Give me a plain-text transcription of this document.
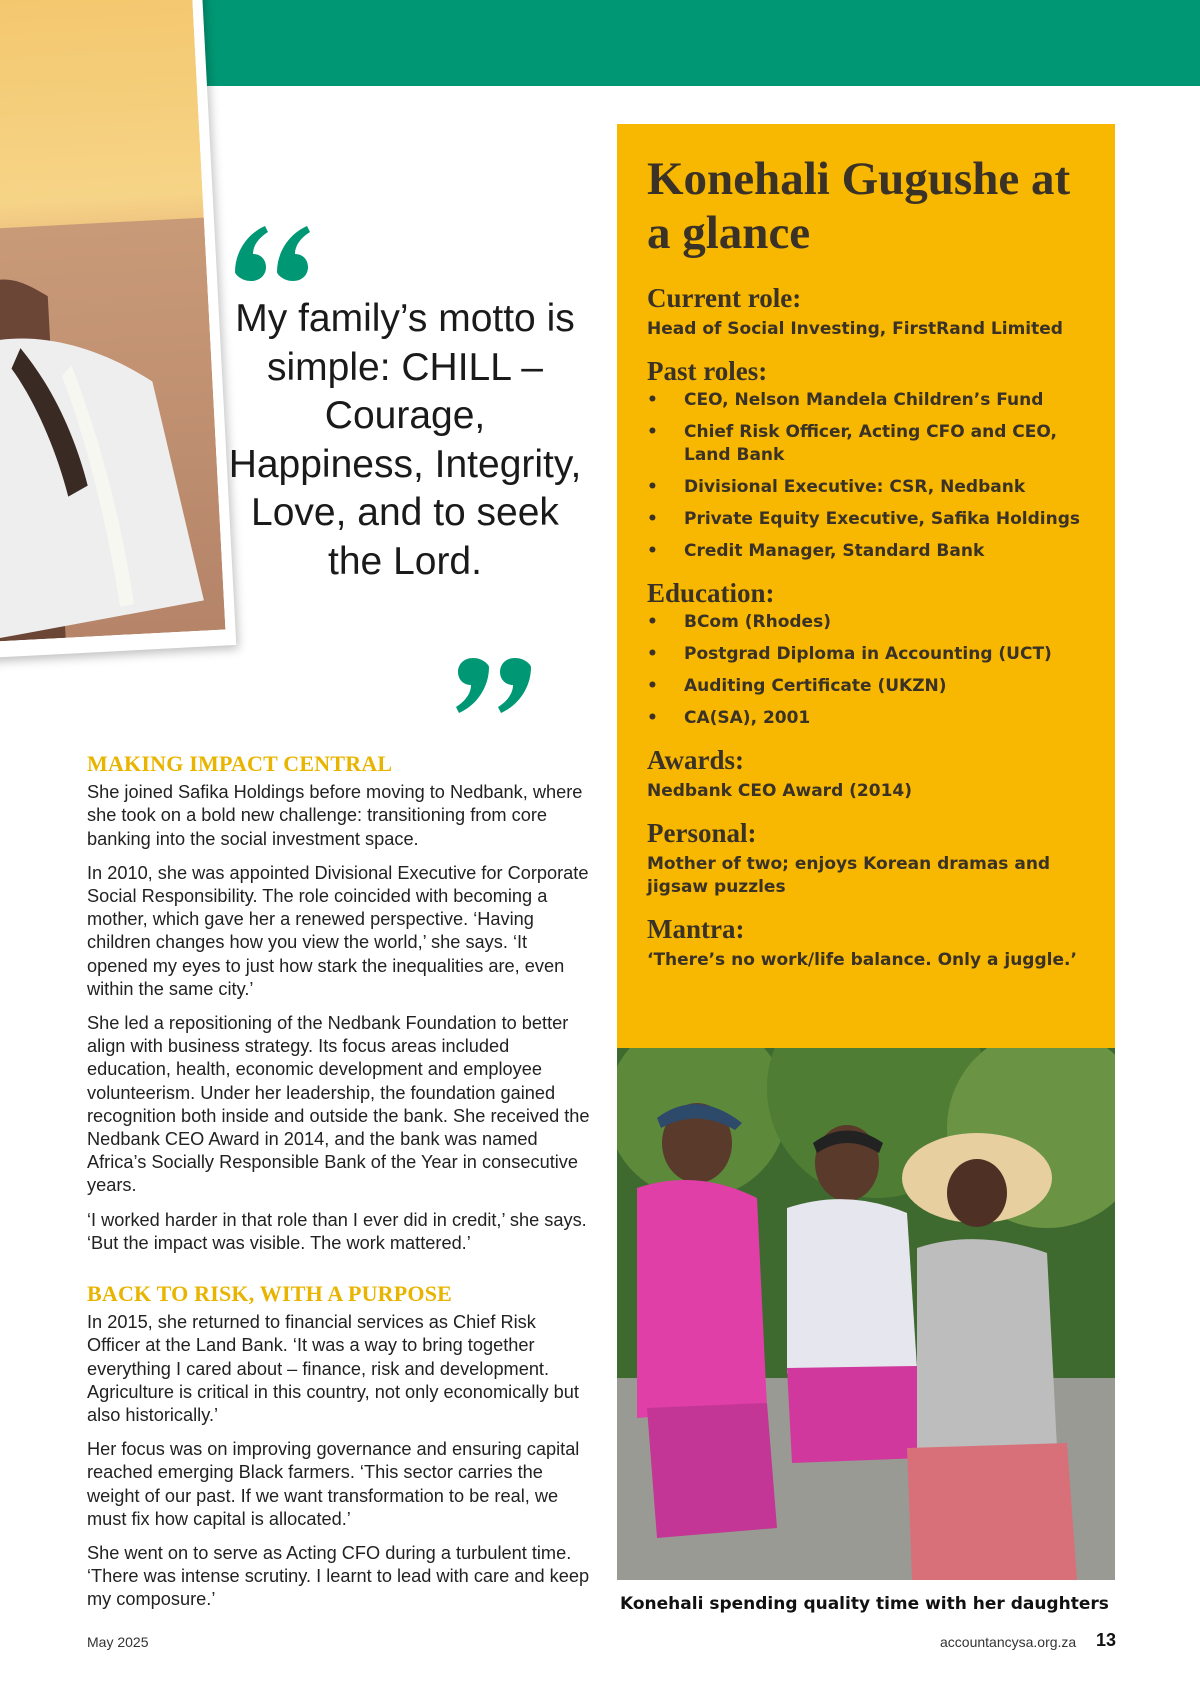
My family’s motto is simple: CHILL – Courage, Happiness, Integrity, Love, and to seek the Lord.
MAKING IMPACT CENTRAL

She joined Safika Holdings before moving to Nedbank, where she took on a bold new challenge: transitioning from core banking into the social investment space.

In 2010, she was appointed Divisional Executive for Corporate Social Responsibility. The role coincided with becoming a mother, which gave her a renewed perspective. ‘Having children changes how you view the world,’ she says. ‘It opened my eyes to just how stark the inequalities are, even within the same city.’

She led a repositioning of the Nedbank Foundation to better align with business strategy. Its focus areas included education, health, economic development and employee volunteerism. Under her leadership, the foundation gained recognition both inside and outside the bank. She received the Nedbank CEO Award in 2014, and the bank was named Africa’s Socially Responsible Bank of the Year in consecutive years.

‘I worked harder in that role than I ever did in credit,’ she says. ‘But the impact was visible. The work mattered.’

BACK TO RISK, WITH A PURPOSE

In 2015, she returned to financial services as Chief Risk Officer at the Land Bank. ‘It was a way to bring together everything I cared about – finance, risk and development. Agriculture is critical in this country, not only economically but also historically.’

Her focus was on improving governance and ensuring capital reached emerging Black farmers. ‘This sector carries the weight of our past. If we want transformation to be real, we must fix how capital is allocated.’

She went on to serve as Acting CFO during a turbulent time. ‘There was intense scrutiny. I learnt to lead with care and keep my composure.’

Konehali Gugushe at a glance
Current role:
Head of Social Investing, FirstRand Limited
Past roles:
• CEO, Nelson Mandela Children’s Fund
• Chief Risk Officer, Acting CFO and CEO, Land Bank
• Divisional Executive: CSR, Nedbank
• Private Equity Executive, Safika Holdings
• Credit Manager, Standard Bank
Education:
• BCom (Rhodes)
• Postgrad Diploma in Accounting (UCT)
• Auditing Certificate (UKZN)
• CA(SA), 2001
Awards:
Nedbank CEO Award (2014)
Personal:
Mother of two; enjoys Korean dramas and jigsaw puzzles
Mantra:
‘There’s no work/life balance. Only a juggle.’
Konehali spending quality time with her daughters
May 2025	accountancysa.org.za 13
